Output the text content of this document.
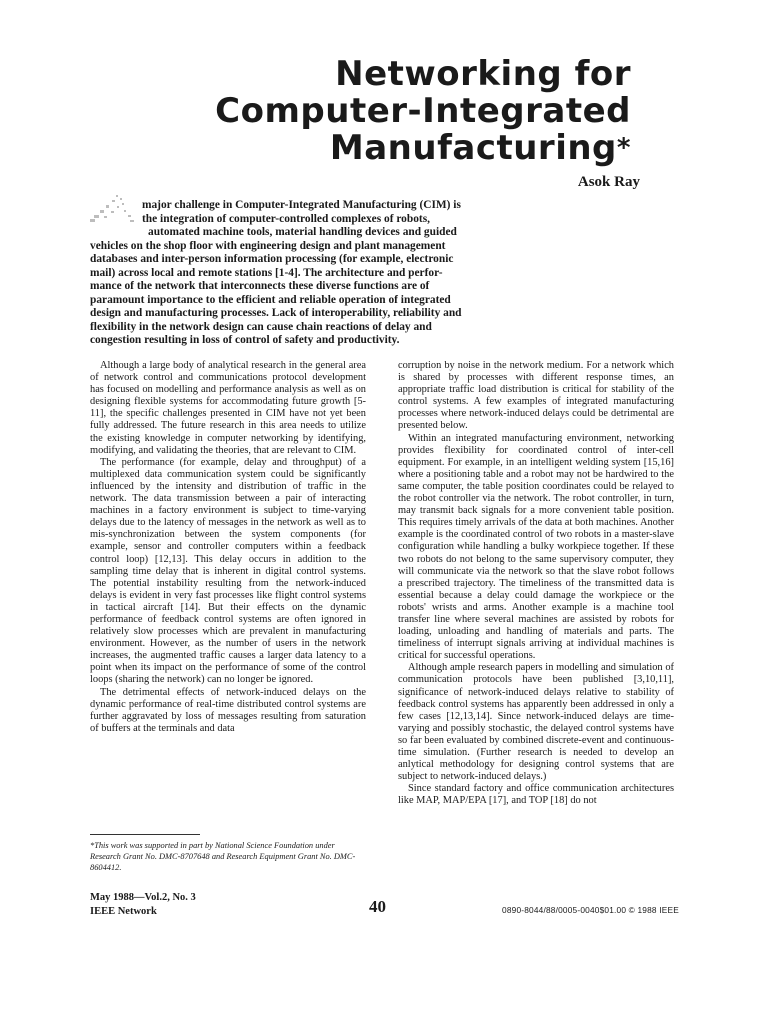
Networking for
Computer-Integrated
Manufacturing*
Asok Ray
major challenge in Computer-Integrated Manufacturing (CIM) is
the integration of computer-controlled complexes of robots,
automated machine tools, material handling devices and guided
vehicles on the shop floor with engineering design and plant management
databases and inter-person information processing (for example, electronic
mail) across local and remote stations [1-4]. The architecture and perfor-
mance of the network that interconnects these diverse functions are of
paramount importance to the efficient and reliable operation of integrated
design and manufacturing processes. Lack of interoperability, reliability and
flexibility in the network design can cause chain reactions of delay and
congestion resulting in loss of control of safety and productivity.

Although a large body of analytical research in the general area of network control and communications protocol development has focused on modelling and performance analysis as well as on designing flexible systems for accommodating future growth [5-11], the specific challenges presented in CIM have not yet been fully addressed. The future research in this area needs to utilize the existing knowledge in computer networking by identifying, modifying, and validating the theories, that are relevant to CIM.

The performance (for example, delay and throughput) of a multiplexed data communication system could be significantly influenced by the intensity and distribution of traffic in the network. The data transmission between a pair of interacting machines in a factory environment is subject to time-varying delays due to the latency of messages in the network as well as to mis-synchronization between the system components (for example, sensor and controller computers within a feedback control loop) [12,13]. This delay occurs in addition to the sampling time delay that is inherent in digital control systems. The potential instability resulting from the network-induced delays is evident in very fast processes like flight control systems in tactical aircraft [14]. But their effects on the dynamic performance of feedback control systems are often ignored in relatively slow processes which are prevalent in manufacturing environment. However, as the number of users in the network increases, the augmented traffic causes a larger data latency to a point when its impact on the performance of some of the control loops (sharing the network) can no longer be ignored.

The detrimental effects of network-induced delays on the dynamic performance of real-time distributed control systems are further aggravated by loss of messages resulting from saturation of buffers at the terminals and data

corruption by noise in the network medium. For a network which is shared by processes with different response times, an appropriate traffic load distribution is critical for stability of the control systems. A few examples of integrated manufacturing processes where network-induced delays could be detrimental are presented below.

Within an integrated manufacturing environment, networking provides flexibility for coordinated control of inter-cell equipment. For example, in an intelligent welding system [15,16] where a positioning table and a robot may not be hardwired to the same computer, the table position coordinates could be relayed to the robot controller via the network. The robot controller, in turn, may transmit back signals for a more convenient table position. This requires timely arrivals of the data at both machines. Another example is the coordinated control of two robots in a master-slave configuration while handling a bulky workpiece together. If these two robots do not belong to the same supervisory computer, they will communicate via the network so that the slave robot follows a prescribed trajectory. The timeliness of the transmitted data is essential because a delay could damage the workpiece or the robots' wrists and arms. Another example is a machine tool transfer line where several machines are assisted by robots for loading, unloading and handling of materials and parts. The timeliness of interrupt signals arriving at individual machines is critical for successful operations.

Although ample research papers in modelling and simulation of communication protocols have been published [3,10,11], significance of network-induced delays relative to stability of feedback control systems has apparently been addressed in only a few cases [12,13,14]. Since network-induced delays are time-varying and possibly stochastic, the delayed control systems have so far been evaluated by combined discrete-event and continuous-time simulation. (Further research is needed to develop an anlytical methodology for designing control systems that are subject to network-induced delays.)

Since standard factory and office communication architectures like MAP, MAP/EPA [17], and TOP [18] do not

*This work was supported in part by National Science Foundation under Research Grant No. DMC-8707648 and Research Equipment Grant No. DMC-8604412.
May 1988—Vol.2, No. 3
IEEE Network	40	0890-8044/88/0005-0040$01.00 © 1988 IEEE
